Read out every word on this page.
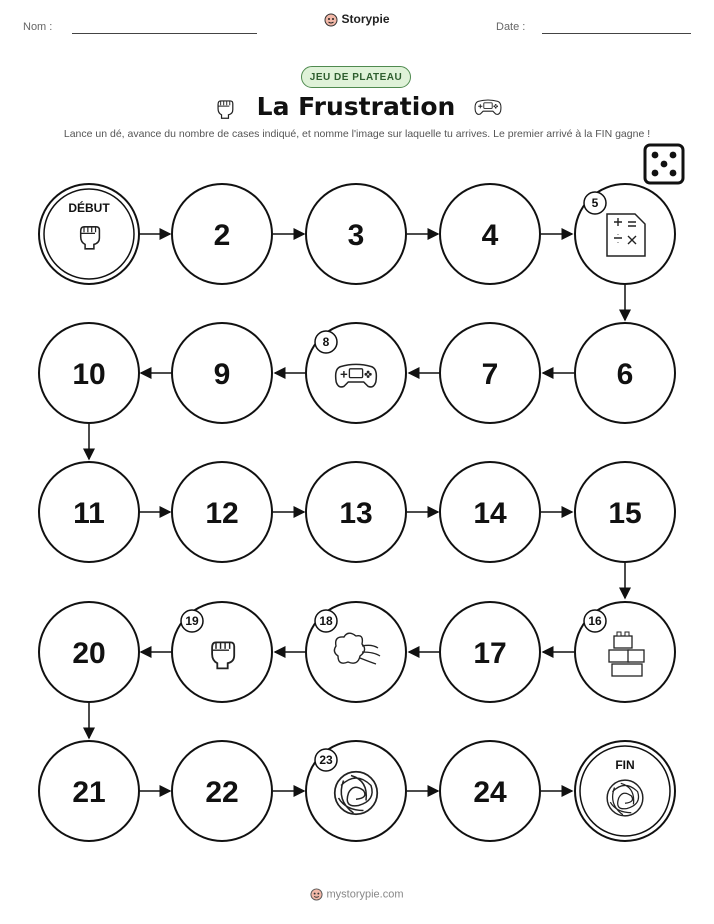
Nom :
Storypie
Date :
JEU DE PLATEAU
La Frustration
Lance un dé, avance du nombre de cases indiqué, et nomme l'image sur laquelle tu arrives. Le premier arrivé à la FIN gagne !
DÉBUT
2	3	4
5
10	9
8
7	6
11	12	13	14	15
20
19	18
17
16
21	22
23
24
FIN
mystorypie.com
